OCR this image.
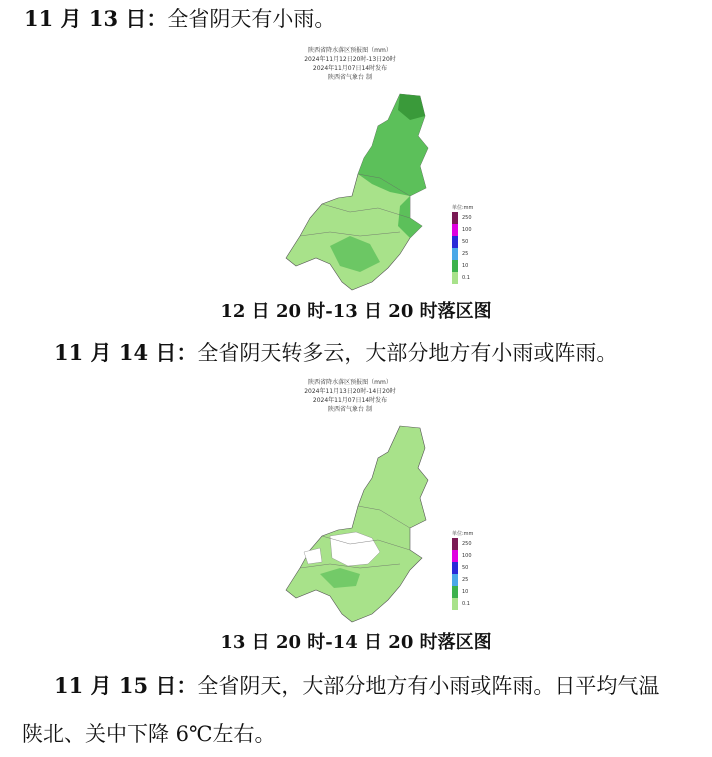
11 月 13 日：全省阴天有小雨。
陕西省降水落区预报图（mm）
2024年11月12日20时-13日20时
2024年11月07日14时发布
陕西省气象台 制
单位:mm
250
100
50
25
10
0.1
12 日 20 时-13 日 20 时落区图
11 月 14 日：全省阴天转多云，大部分地方有小雨或阵雨。
陕西省降水落区预报图（mm）
2024年11月13日20时-14日20时
2024年11月07日14时发布
陕西省气象台 制
单位:mm
250
100
50
25
10
0.1
13 日 20 时-14 日 20 时落区图
11 月 15 日：全省阴天，大部分地方有小雨或阵雨。日平均气温
陕北、关中下降 6℃左右。
